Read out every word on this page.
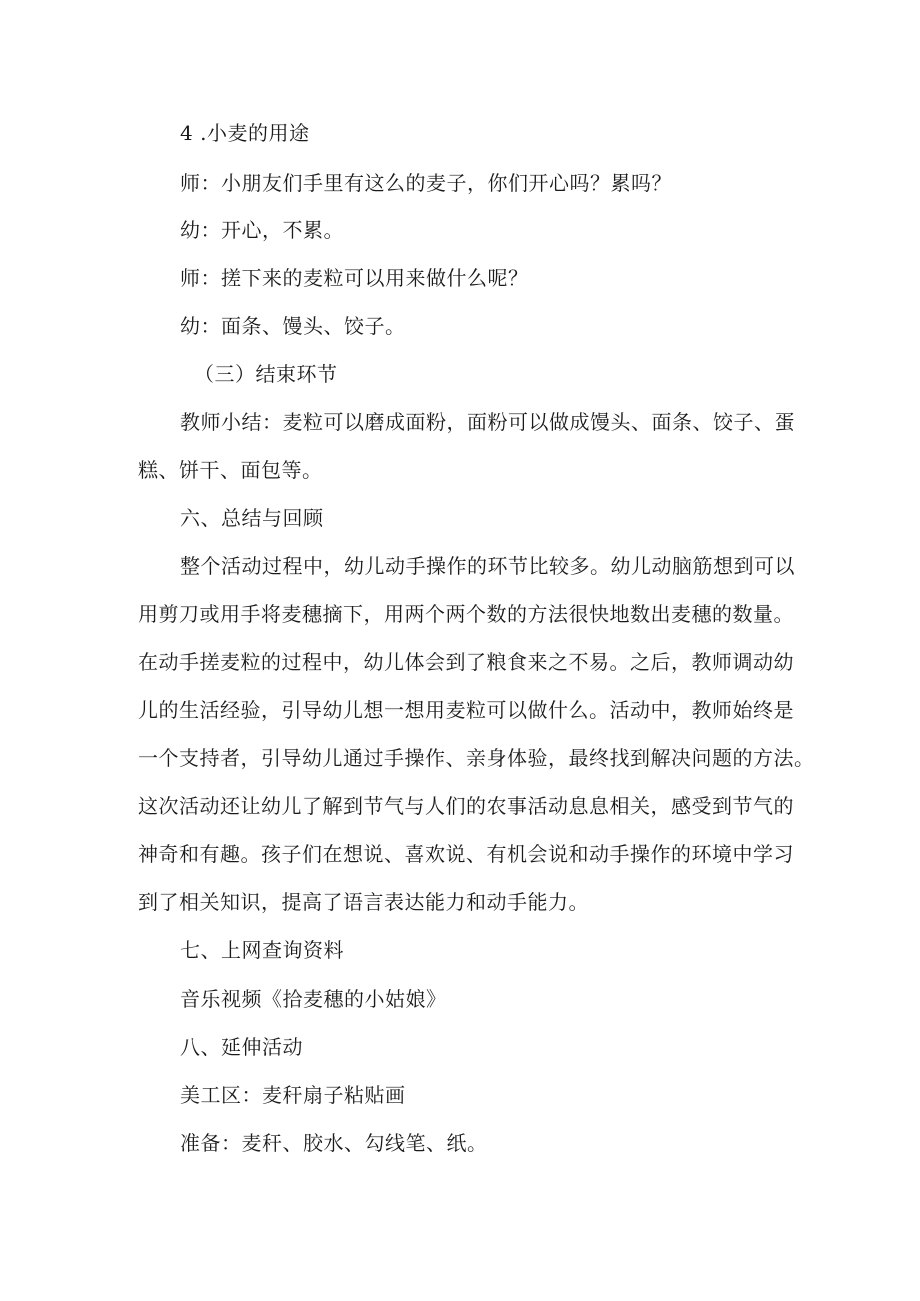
4 .小麦的用途
师：小朋友们手里有这么的麦子，你们开心吗？累吗？
幼：开心，不累。
师：搓下来的麦粒可以用来做什么呢？
幼：面条、馒头、饺子。
（三）结束环节
教师小结：麦粒可以磨成面粉，面粉可以做成馒头、面条、饺子、蛋
糕、饼干、面包等。
六、总结与回顾
整个活动过程中，幼儿动手操作的环节比较多。幼儿动脑筋想到可以
用剪刀或用手将麦穗摘下，用两个两个数的方法很快地数出麦穗的数量。
在动手搓麦粒的过程中，幼儿体会到了粮食来之不易。之后，教师调动幼
儿的生活经验，引导幼儿想一想用麦粒可以做什么。活动中，教师始终是
一个支持者，引导幼儿通过手操作、亲身体验，最终找到解决问题的方法。
这次活动还让幼儿了解到节气与人们的农事活动息息相关，感受到节气的
神奇和有趣。孩子们在想说、喜欢说、有机会说和动手操作的环境中学习
到了相关知识，提高了语言表达能力和动手能力。
七、上网查询资料
音乐视频《拾麦穗的小姑娘》
八、延伸活动
美工区：麦秆扇子粘贴画
准备：麦秆、胶水、勾线笔、纸。
